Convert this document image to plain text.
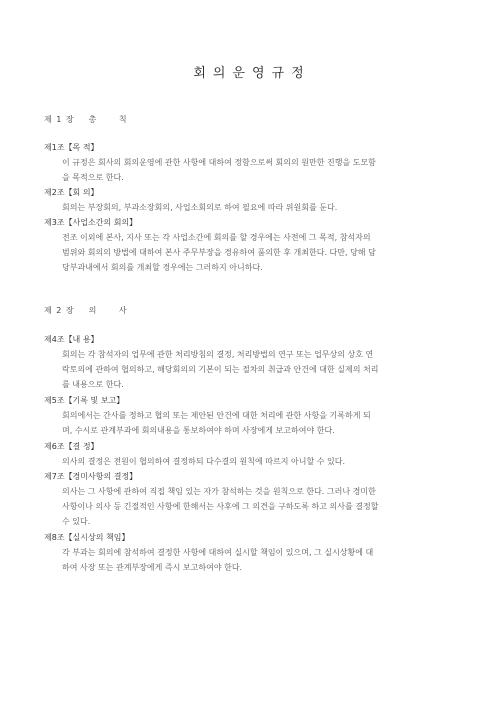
회의운영규정
제 1 장 총 칙
제1조【목 적】
이 규정은 회사의 회의운영에 관한 사항에 대하여 정함으로써 회의의 원만한 진행을 도모함
을 목적으로 한다.
제2조【회 의】
회의는 부장회의, 부과소장회의, 사업소회의로 하여 필요에 따라 위원회를 둔다.
제3조【사업소간의 회의】
전조 이외에 본사, 지사 또는 각 사업소간에 회의를 할 경우에는 사전에 그 목적, 참석자의
범위와 회의의 방법에 대하여 본사 주무부장을 경유하여 품의한 후 개최한다. 다만, 당해 담
당부과내에서 회의를 개최할 경우에는 그러하지 아니하다.
제 2 장 의 사
제4조【내 용】
회의는 각 참석자의 업무에 관한 처리방침의 결정, 처리방법의 연구 또는 업무상의 상호 연
락토의에 관하여 협의하고, 해당회의의 기본이 되는 절차의 취급과 안건에 대한 실제의 처리
를 내용으로 한다.
제5조【기록 및 보고】
회의에서는 간사를 정하고 협의 또는 제안된 안건에 대한 처리에 관한 사항을 기록하게 되
며, 수시로 관계부과에 회의내용을 통보하여야 하며 사장에게 보고하여야 한다.
제6조【결 정】
의사의 결정은 전원이 협의하여 결정하되 다수결의 원칙에 따르지 아니할 수 있다.
제7조【경미사항의 결정】
의사는 그 사항에 관하여 직접 책임 있는 자가 참석하는 것을 원칙으로 한다. 그러나 경미한
사항이나 의사 등 긴절적인 사항에 한해서는 사후에 그 의견을 구하도록 하고 의사를 결정할
수 있다.
제8조【실시상의 책임】
각 부과는 회의에 참석하여 결정한 사항에 대하여 실시할 책임이 있으며, 그 실시상황에 대
하여 사장 또는 관계부장에게 즉시 보고하여야 한다.
